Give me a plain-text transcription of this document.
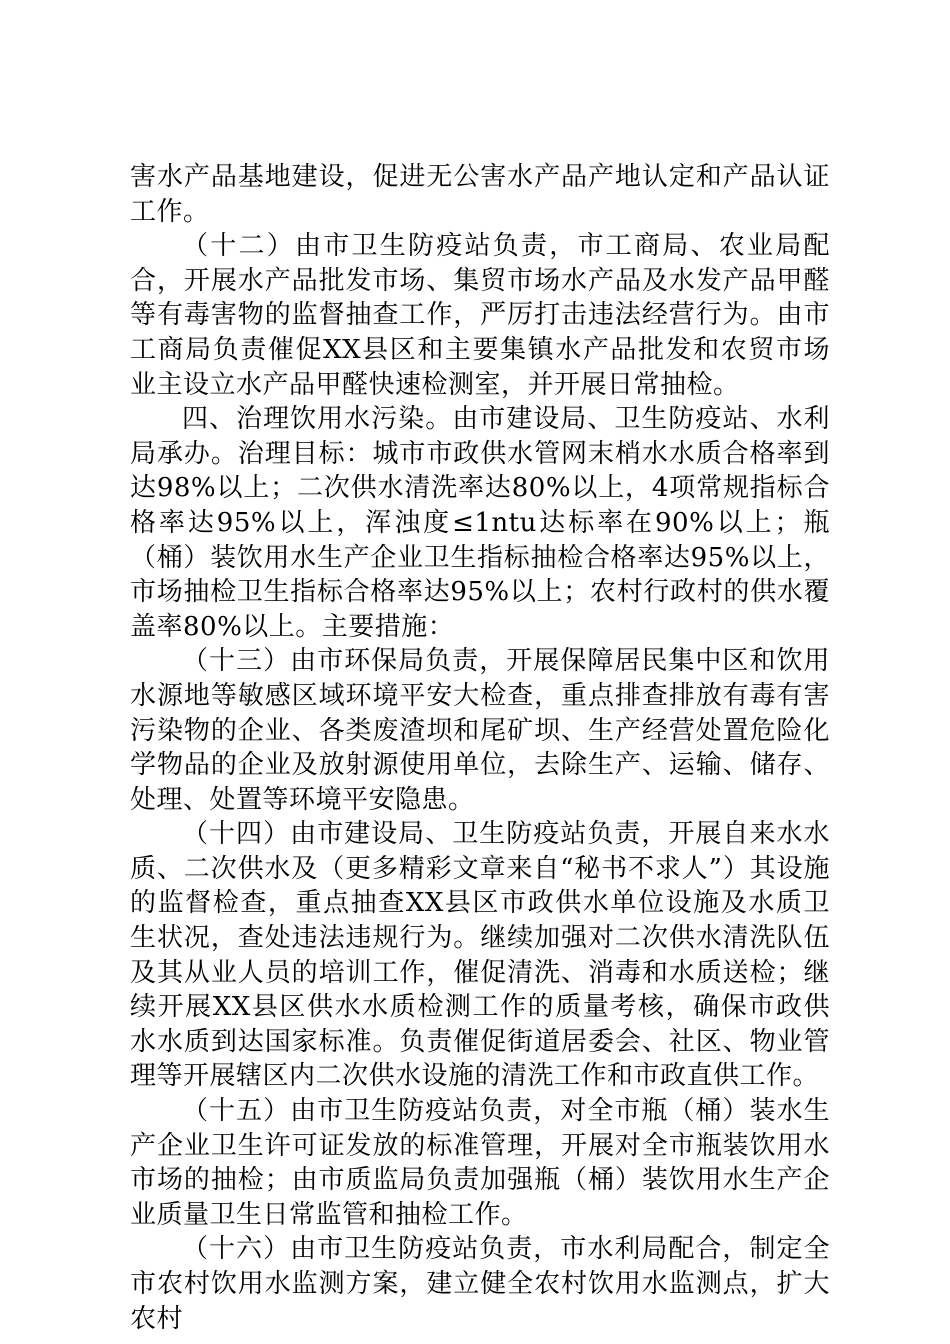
害水产品基地建设，促进无公害水产品产地认定和产品认证工作。

（十二）由市卫生防疫站负责，市工商局、农业局配合，开展水产品批发市场、集贸市场水产品及水发产品甲醛等有毒害物的监督抽查工作，严厉打击违法经营行为。由市工商局负责催促XX县区和主要集镇水产品批发和农贸市场业主设立水产品甲醛快速检测室，并开展日常抽检。

四、治理饮用水污染。由市建设局、卫生防疫站、水利局承办。治理目标：城市市政供水管网末梢水水质合格率到达98%以上；二次供水清洗率达80%以上，4项常规指标合格率达95%以上，浑浊度≤1ntu达标率在90%以上；瓶（桶）装饮用水生产企业卫生指标抽检合格率达95%以上，市场抽检卫生指标合格率达95%以上；农村行政村的供水覆盖率80%以上。主要措施：

（十三）由市环保局负责，开展保障居民集中区和饮用水源地等敏感区域环境平安大检查，重点排查排放有毒有害污染物的企业、各类废渣坝和尾矿坝、生产经营处置危险化学物品的企业及放射源使用单位，去除生产、运输、储存、处理、处置等环境平安隐患。

（十四）由市建设局、卫生防疫站负责，开展自来水水质、二次供水及（更多精彩文章来自“秘书不求人”）其设施的监督检查，重点抽查XX县区市政供水单位设施及水质卫生状况，查处违法违规行为。继续加强对二次供水清洗队伍及其从业人员的培训工作，催促清洗、消毒和水质送检；继续开展XX县区供水水质检测工作的质量考核，确保市政供水水质到达国家标准。负责催促街道居委会、社区、物业管理等开展辖区内二次供水设施的清洗工作和市政直供工作。

（十五）由市卫生防疫站负责，对全市瓶（桶）装水生产企业卫生许可证发放的标准管理，开展对全市瓶装饮用水市场的抽检；由市质监局负责加强瓶（桶）装饮用水生产企业质量卫生日常监管和抽检工作。

（十六）由市卫生防疫站负责，市水利局配合，制定全市农村饮用水监测方案，建立健全农村饮用水监测点，扩大农村
